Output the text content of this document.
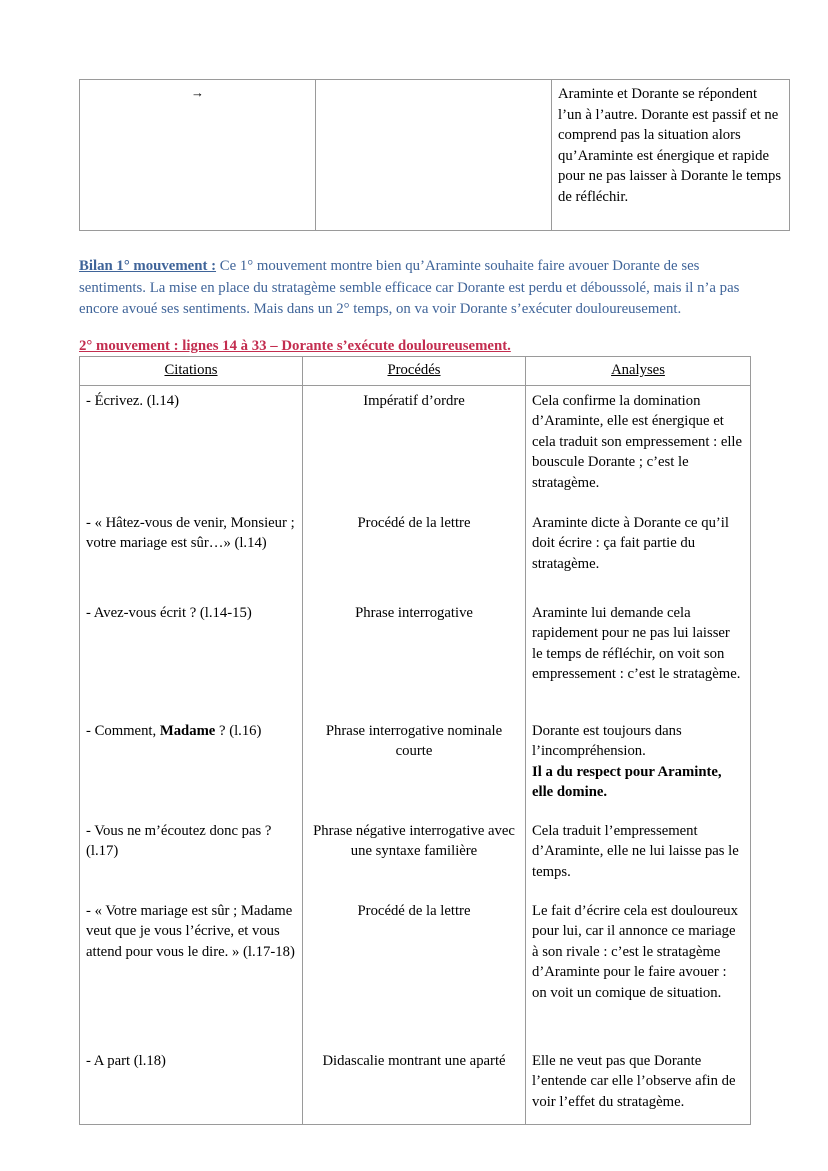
→		Araminte et Dorante se répondent l’un à l’autre. Dorante est passif et ne comprend pas la situation alors qu’Araminte est énergique et rapide pour ne pas laisser à Dorante le temps de réfléchir.

Bilan 1° mouvement : Ce 1° mouvement montre bien qu’Araminte souhaite faire avouer Dorante de ses sentiments. La mise en place du stratagème semble efficace car Dorante est perdu et déboussolé, mais il n’a pas encore avoué ses sentiments. Mais dans un 2° temps, on va voir Dorante s’exécuter douloureusement.

2° mouvement : lignes 14 à 33 – Dorante s’exécute douloureusement.
Citations	Procédés	Analyses
- Écrivez. (l.14)	Impératif d’ordre	Cela confirme la domination d’Araminte, elle est énergique et cela traduit son empressement : elle bouscule Dorante ; c’est le stratagème.
- « Hâtez-vous de venir, Monsieur ; votre mariage est sûr…» (l.14)	Procédé de la lettre	Araminte dicte à Dorante ce qu’il doit écrire : ça fait partie du stratagème.
- Avez-vous écrit ? (l.14-15)	Phrase interrogative	Araminte lui demande cela rapidement pour ne pas lui laisser le temps de réfléchir, on voit son empressement : c’est le stratagème.
- Comment, Madame ? (l.16)	Phrase interrogative nominale courte	Dorante est toujours dans l’incompréhension.

Il a du respect pour Araminte, elle domine.

- Vous ne m’écoutez donc pas ? (l.17)	Phrase négative interrogative avec une syntaxe familière	Cela traduit l’empressement d’Araminte, elle ne lui laisse pas le temps.
- « Votre mariage est sûr ; Madame veut que je vous l’écrive, et vous attend pour vous le dire. » (l.17-18)	Procédé de la lettre	Le fait d’écrire cela est douloureux pour lui, car il annonce ce mariage à son rivale : c’est le stratagème d’Araminte pour le faire avouer : on voit un comique de situation.
- A part (l.18)	Didascalie montrant une aparté	Elle ne veut pas que Dorante l’entende car elle l’observe afin de voir l’effet du stratagème.
